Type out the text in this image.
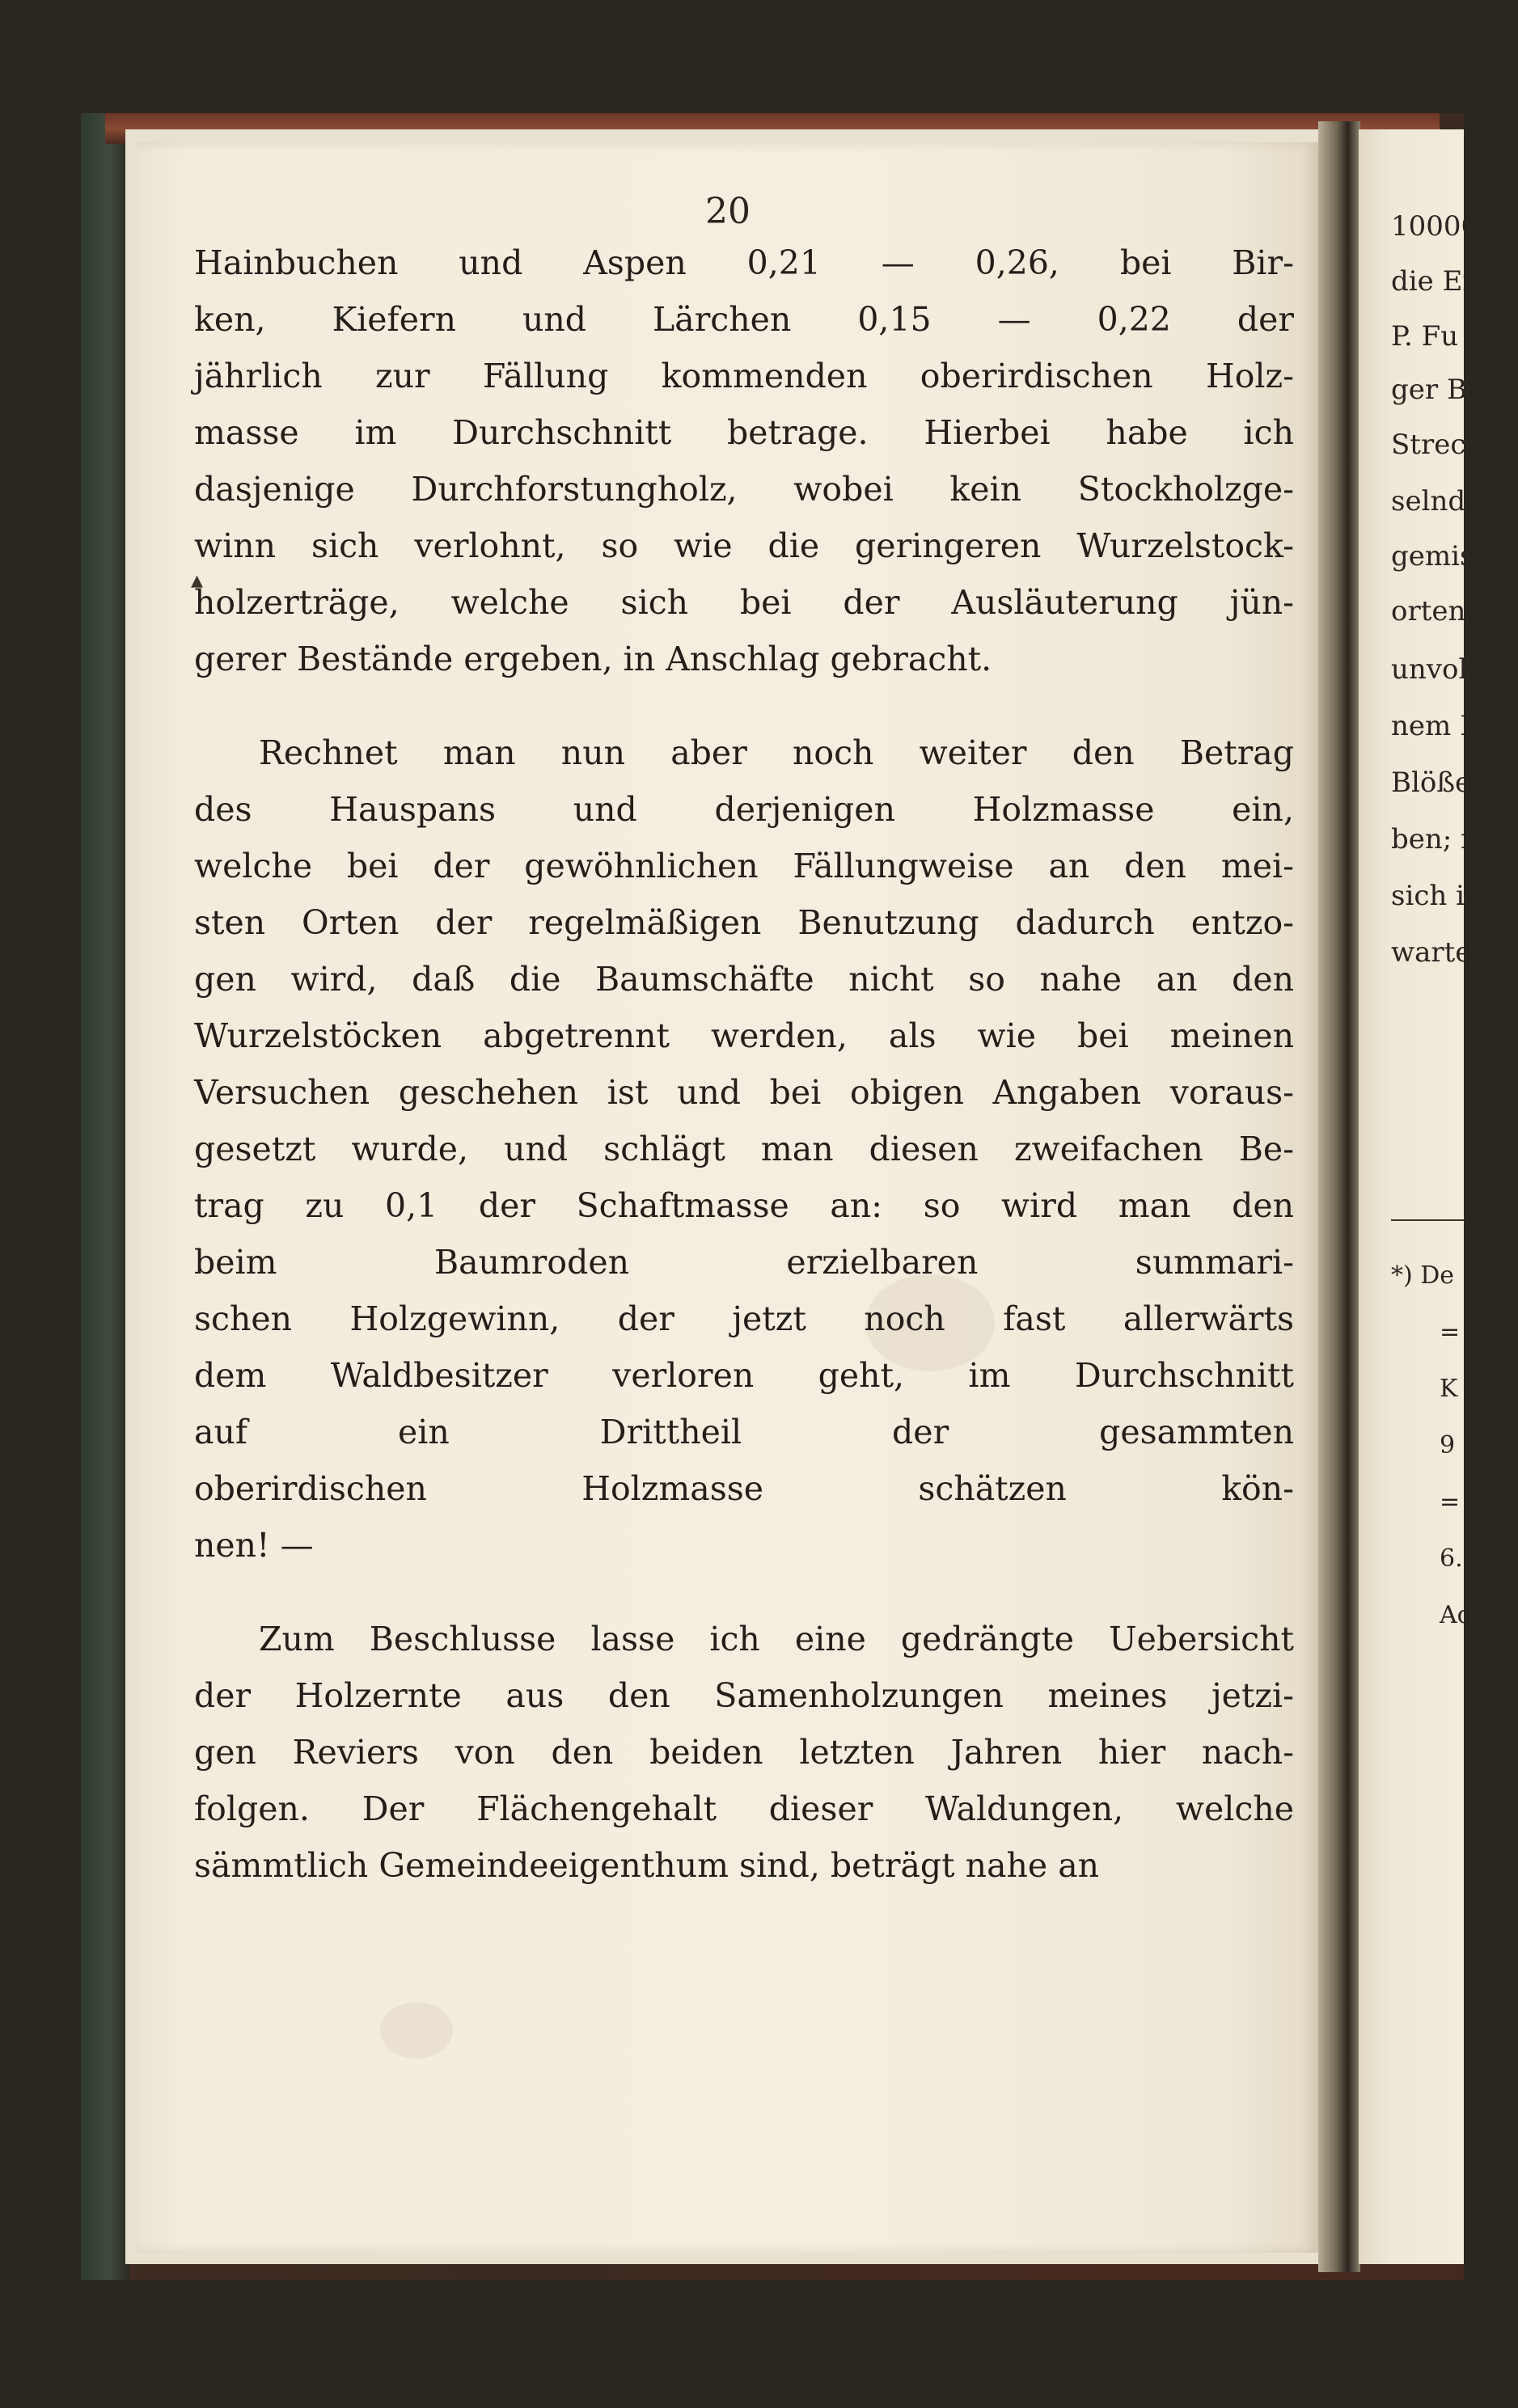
20
▴
Hainbuchen und Aspen 0,21 — 0,26, bei Bir-
ken, Kiefern und Lärchen 0,15 — 0,22 der
jährlich zur Fällung kommenden oberirdischen Holz-
masse im Durchschnitt betrage. Hierbei habe ich
dasjenige Durchforstungholz, wobei kein Stockholzge-
winn sich verlohnt, so wie die geringeren Wurzelstock-
holzerträge, welche sich bei der Ausläuterung jün-
gerer Bestände ergeben, in Anschlag gebracht.
Rechnet man nun aber noch weiter den Betrag
des Hauspans und derjenigen Holzmasse ein,
welche bei der gewöhnlichen Fällungweise an den mei-
sten Orten der regelmäßigen Benutzung dadurch entzo-
gen wird, daß die Baumschäfte nicht so nahe an den
Wurzelstöcken abgetrennt werden, als wie bei meinen
Versuchen geschehen ist und bei obigen Angaben voraus-
gesetzt wurde, und schlägt man diesen zweifachen Be-
trag zu 0,1 der Schaftmasse an: so wird man den
beim Baumroden erzielbaren summari-
schen Holzgewinn, der jetzt noch fast allerwärts
dem Waldbesitzer verloren geht, im Durchschnitt
auf ein Drittheil der gesammten
oberirdischen Holzmasse schätzen kön-
nen! —
Zum Beschlusse lasse ich eine gedrängte Uebersicht
der Holzernte aus den Samenholzungen meines jetzi-
gen Reviers von den beiden letzten Jahren hier nach-
folgen. Der Flächengehalt dieser Waldungen, welche
sämmtlich Gemeindeeigenthum sind, beträgt nahe an
10000
die Erh
P. Fu
ger Ba
Strecke
selnden
gemischt
orten.
unvoll
nem D
Blöße. –
ben; m
sich in
warten.
*) De
=
K
9
=
6.
Ac
